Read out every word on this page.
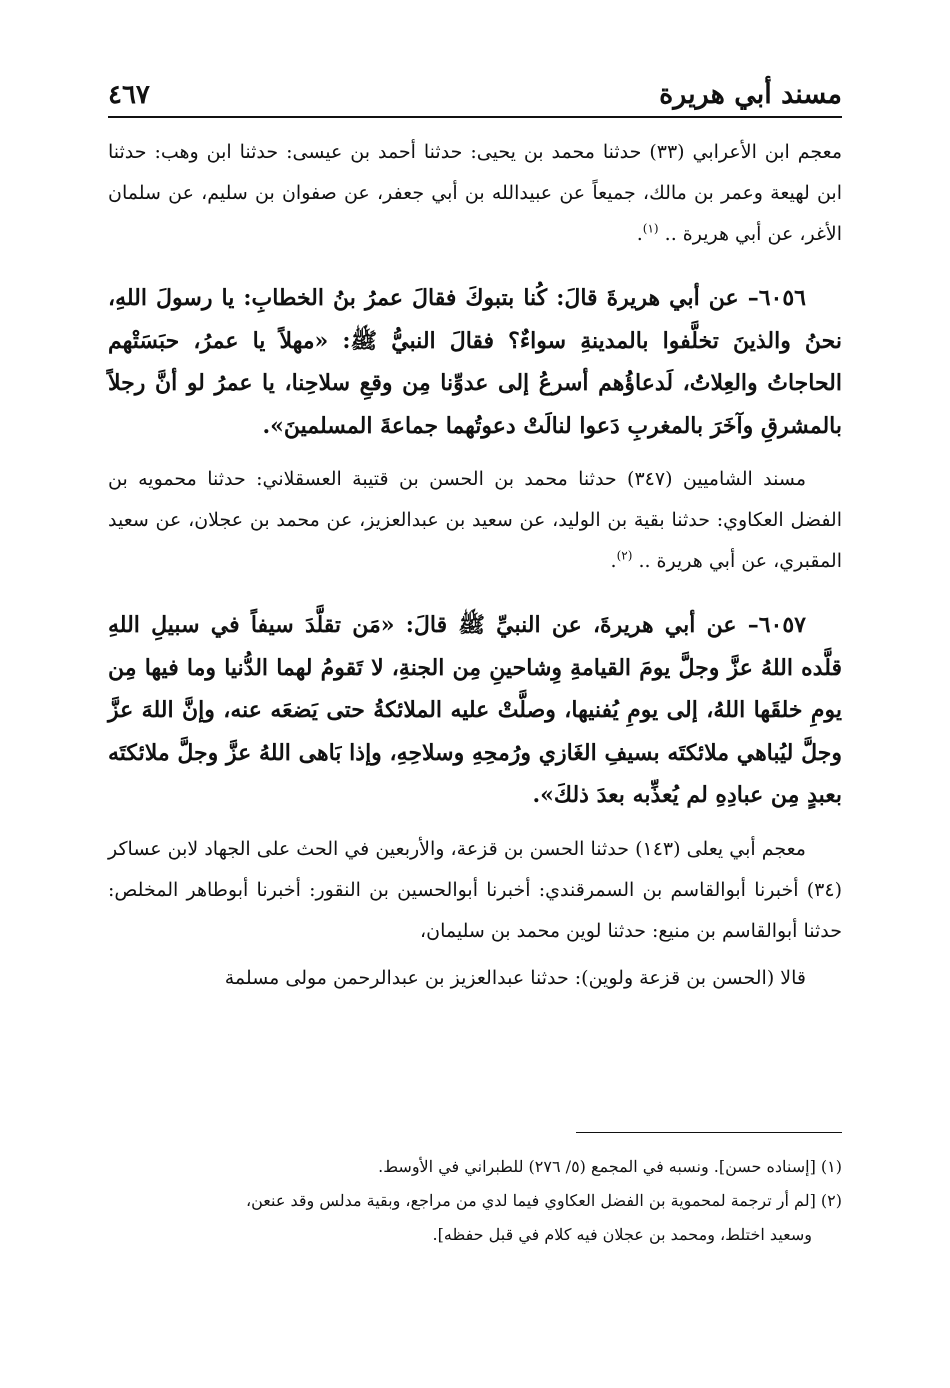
مسند أبي هريرة
٤٦٧

معجم ابن الأعرابي (٣٣) حدثنا محمد بن يحيى: حدثنا أحمد بن عيسى: حدثنا ابن وهب: حدثنا ابن لهيعة وعمر بن مالك، جميعاً عن عبيدالله بن أبي جعفر، عن صفوان بن سليم، عن سلمان الأغر، عن أبي هريرة .. $^{(١)}$.

٦٠٥٦– عن أبي هريرةَ قالَ: كُنا بتبوكَ فقالَ عمرُ بنُ الخطابِ: يا رسولَ اللهِ، نحنُ والذينَ تخلَّفوا بالمدينةِ سواءٌ؟ فقالَ النبيُّ ﷺ: «مهلاً يا عمرُ، حبَسَتْهم الحاجاتُ والعِلاتُ، لَدعاؤُهم أسرعُ إلى عدوِّنا مِن وقعِ سلاحِنا، يا عمرُ لو أنَّ رجلاً بالمشرقِ وآخَرَ بالمغربِ دَعوا لنالَتْ دعوتُهما جماعةَ المسلمينَ».

مسند الشاميين (٣٤٧) حدثنا محمد بن الحسن بن قتيبة العسقلاني: حدثنا محمويه بن الفضل العكاوي: حدثنا بقية بن الوليد، عن سعيد بن عبدالعزيز، عن محمد بن عجلان، عن سعيد المقبري، عن أبي هريرة .. $^{(٢)}$.

٦٠٥٧– عن أبي هريرةَ، عن النبيِّ ﷺ قالَ: «مَن تقلَّدَ سيفاً في سبيلِ اللهِ قلَّده اللهُ عزَّ وجلَّ يومَ القيامةِ وِشاحينِ مِن الجنةِ، لا تَقومُ لهما الدُّنيا وما فيها مِن يومِ خلقَها اللهُ، إلى يومِ يُفنيها، وصلَّتْ عليه الملائكةُ حتى يَضعَه عنه، وإنَّ اللهَ عزَّ وجلَّ ليُباهي ملائكتَه بسيفِ الغَازي ورُمحِهِ وسلاحِهِ، وإذا بَاهى اللهُ عزَّ وجلَّ ملائكتَه بعبدٍ مِن عبادِهِ لم يُعذِّبه بعدَ ذلكَ».

معجم أبي يعلى (١٤٣) حدثنا الحسن بن قزعة، والأربعين في الحث على الجهاد لابن عساكر (٣٤) أخبرنا أبوالقاسم بن السمرقندي: أخبرنا أبوالحسين بن النقور: أخبرنا أبوطاهر المخلص: حدثنا أبوالقاسم بن منيع: حدثنا لوين محمد بن سليمان،

قالا (الحسن بن قزعة ولوين): حدثنا عبدالعزيز بن عبدالرحمن مولى مسلمة

(١) [إسناده حسن]. ونسبه في المجمع (٥/ ٢٧٦) للطبراني في الأوسط.

(٢) [لم أر ترجمة لمحموية بن الفضل العكاوي فيما لدي من مراجع، وبقية مدلس وقد عنعن،

وسعيد اختلط، ومحمد بن عجلان فيه كلام في قبل حفظه].
